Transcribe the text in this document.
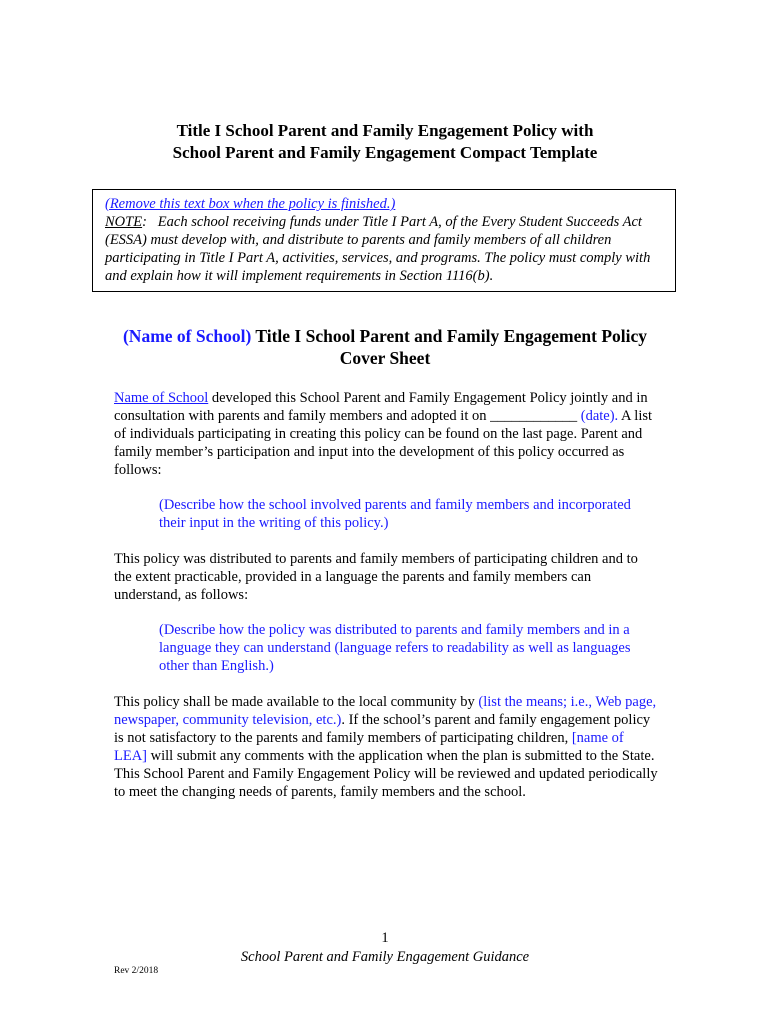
Title I School Parent and Family Engagement Policy with
School Parent and Family Engagement Compact Template
(Remove this text box when the policy is finished.)
NOTE:   Each school receiving funds under Title I Part A, of the Every Student Succeeds Act (ESSA) must develop with, and distribute to parents and family members of all children participating in Title I Part A, activities, services, and programs. The policy must comply with and explain how it will implement requirements in Section 1116(b).
(Name of School) Title I School Parent and Family Engagement Policy
Cover Sheet
Name of School developed this School Parent and Family Engagement Policy jointly and in consultation with parents and family members and adopted it on ____________ (date). A list of individuals participating in creating this policy can be found on the last page. Parent and family member’s participation and input into the development of this policy occurred as follows:
(Describe how the school involved parents and family members and incorporated their input in the writing of this policy.)
This policy was distributed to parents and family members of participating children and to the extent practicable, provided in a language the parents and family members can understand, as follows:
(Describe how the policy was distributed to parents and family members and in a language they can understand (language refers to readability as well as languages other than English.)
This policy shall be made available to the local community by (list the means; i.e., Web page, newspaper, community television, etc.). If the school’s parent and family engagement policy is not satisfactory to the parents and family members of participating children, [name of LEA] will submit any comments with the application when the plan is submitted to the State. This School Parent and Family Engagement Policy will be reviewed and updated periodically to meet the changing needs of parents, family members and the school.
1
School Parent and Family Engagement Guidance
Rev 2/2018
